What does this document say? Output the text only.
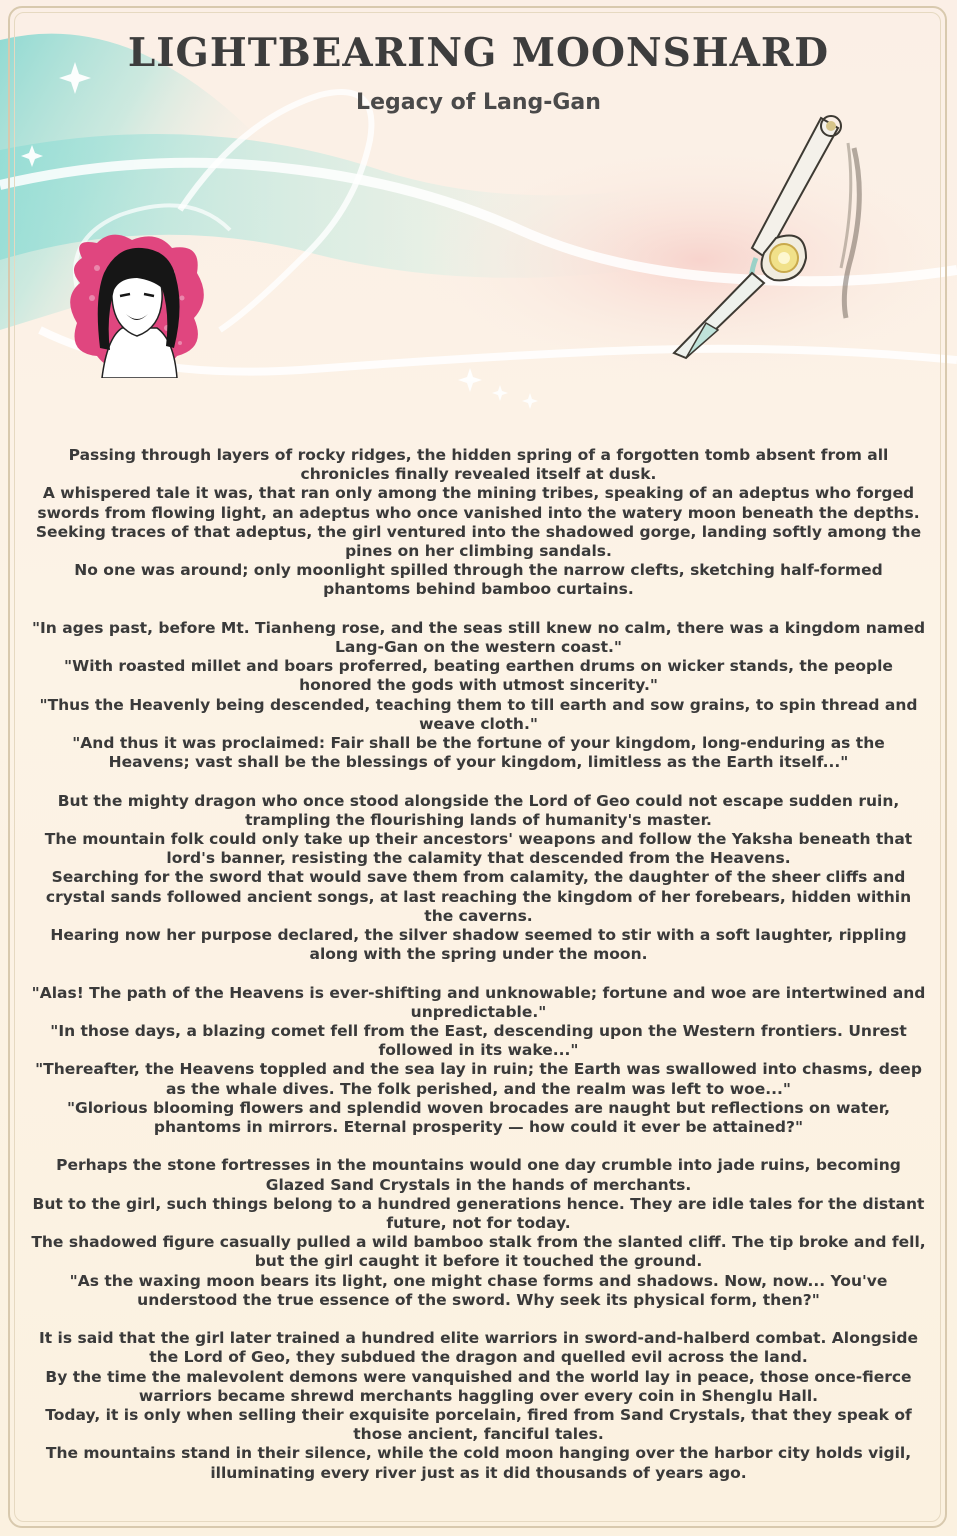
LIGHTBEARING MOONSHARD
Legacy of Lang-Gan

Passing through layers of rocky ridges, the hidden spring of a forgotten tomb absent from all chronicles finally revealed itself at dusk.

A whispered tale it was, that ran only among the mining tribes, speaking of an adeptus who forged swords from flowing light, an adeptus who once vanished into the watery moon beneath the depths.

Seeking traces of that adeptus, the girl ventured into the shadowed gorge, landing softly among the pines on her climbing sandals.

No one was around; only moonlight spilled through the narrow clefts, sketching half-formed phantoms behind bamboo curtains.

"In ages past, before Mt. Tianheng rose, and the seas still knew no calm, there was a kingdom named Lang-Gan on the western coast."

"With roasted millet and boars proferred, beating earthen drums on wicker stands, the people honored the gods with utmost sincerity."

"Thus the Heavenly being descended, teaching them to till earth and sow grains, to spin thread and weave cloth."

"And thus it was proclaimed: Fair shall be the fortune of your kingdom, long-enduring as the Heavens; vast shall be the blessings of your kingdom, limitless as the Earth itself..."

But the mighty dragon who once stood alongside the Lord of Geo could not escape sudden ruin, trampling the flourishing lands of humanity's master.

The mountain folk could only take up their ancestors' weapons and follow the Yaksha beneath that lord's banner, resisting the calamity that descended from the Heavens.

Searching for the sword that would save them from calamity, the daughter of the sheer cliffs and crystal sands followed ancient songs, at last reaching the kingdom of her forebears, hidden within the caverns.

Hearing now her purpose declared, the silver shadow seemed to stir with a soft laughter, rippling along with the spring under the moon.

"Alas! The path of the Heavens is ever-shifting and unknowable; fortune and woe are intertwined and unpredictable."

"In those days, a blazing comet fell from the East, descending upon the Western frontiers. Unrest followed in its wake..."

"Thereafter, the Heavens toppled and the sea lay in ruin; the Earth was swallowed into chasms, deep as the whale dives. The folk perished, and the realm was left to woe..."

"Glorious blooming flowers and splendid woven brocades are naught but reflections on water, phantoms in mirrors. Eternal prosperity — how could it ever be attained?"

Perhaps the stone fortresses in the mountains would one day crumble into jade ruins, becoming Glazed Sand Crystals in the hands of merchants.

But to the girl, such things belong to a hundred generations hence. They are idle tales for the distant future, not for today.

The shadowed figure casually pulled a wild bamboo stalk from the slanted cliff. The tip broke and fell, but the girl caught it before it touched the ground.

"As the waxing moon bears its light, one might chase forms and shadows. Now, now... You've understood the true essence of the sword. Why seek its physical form, then?"

It is said that the girl later trained a hundred elite warriors in sword-and-halberd combat. Alongside the Lord of Geo, they subdued the dragon and quelled evil across the land.

By the time the malevolent demons were vanquished and the world lay in peace, those once-fierce warriors became shrewd merchants haggling over every coin in Shenglu Hall.

Today, it is only when selling their exquisite porcelain, fired from Sand Crystals, that they speak of those ancient, fanciful tales.

The mountains stand in their silence, while the cold moon hanging over the harbor city holds vigil, illuminating every river just as it did thousands of years ago.
